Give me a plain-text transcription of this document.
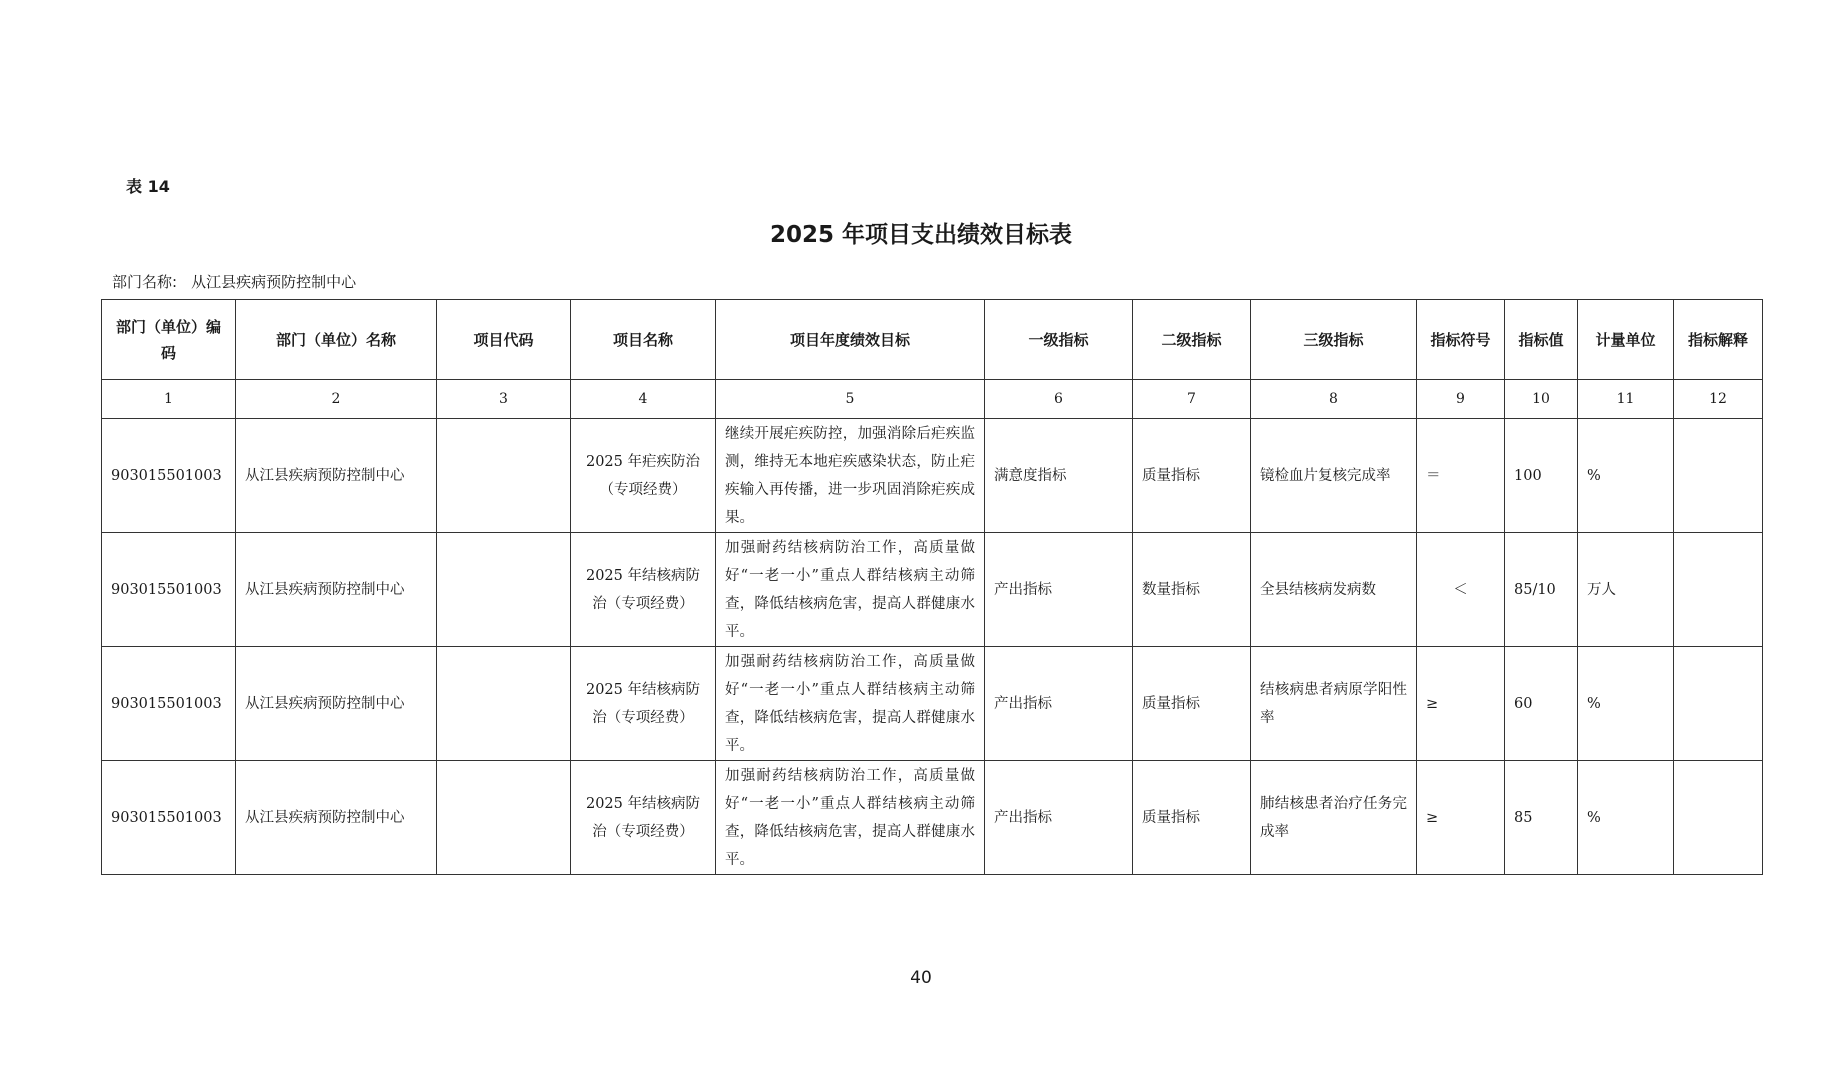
表 14
2025 年项目支出绩效目标表
部门名称: 从江县疾病预防控制中心
部门（单位）编码	部门（单位）名称	项目代码	项目名称	项目年度绩效目标	一级指标	二级指标	三级指标	指标符号	指标值	计量单位	指标解释
1	2	3	4	5	6	7	8	9	10	11	12
903015501003	从江县疾病预防控制中心		2025 年疟疾防治（专项经费）	继续开展疟疾防控，加强消除后疟疾监测，维持无本地疟疾感染状态，防止疟疾输入再传播，进一步巩固消除疟疾成果。	满意度指标	质量指标	镜检血片复核完成率	＝	100	%	
903015501003	从江县疾病预防控制中心		2025 年结核病防治（专项经费）	加强耐药结核病防治工作，高质量做好“一老一小”重点人群结核病主动筛查，降低结核病危害，提高人群健康水平。	产出指标	数量指标	全县结核病发病数	＜	85/10	万人	
903015501003	从江县疾病预防控制中心		2025 年结核病防治（专项经费）	加强耐药结核病防治工作，高质量做好“一老一小”重点人群结核病主动筛查，降低结核病危害，提高人群健康水平。	产出指标	质量指标	结核病患者病原学阳性率	≥	60	%	
903015501003	从江县疾病预防控制中心		2025 年结核病防治（专项经费）	加强耐药结核病防治工作，高质量做好“一老一小”重点人群结核病主动筛查，降低结核病危害，提高人群健康水平。	产出指标	质量指标	肺结核患者治疗任务完成率	≥	85	%	
40
